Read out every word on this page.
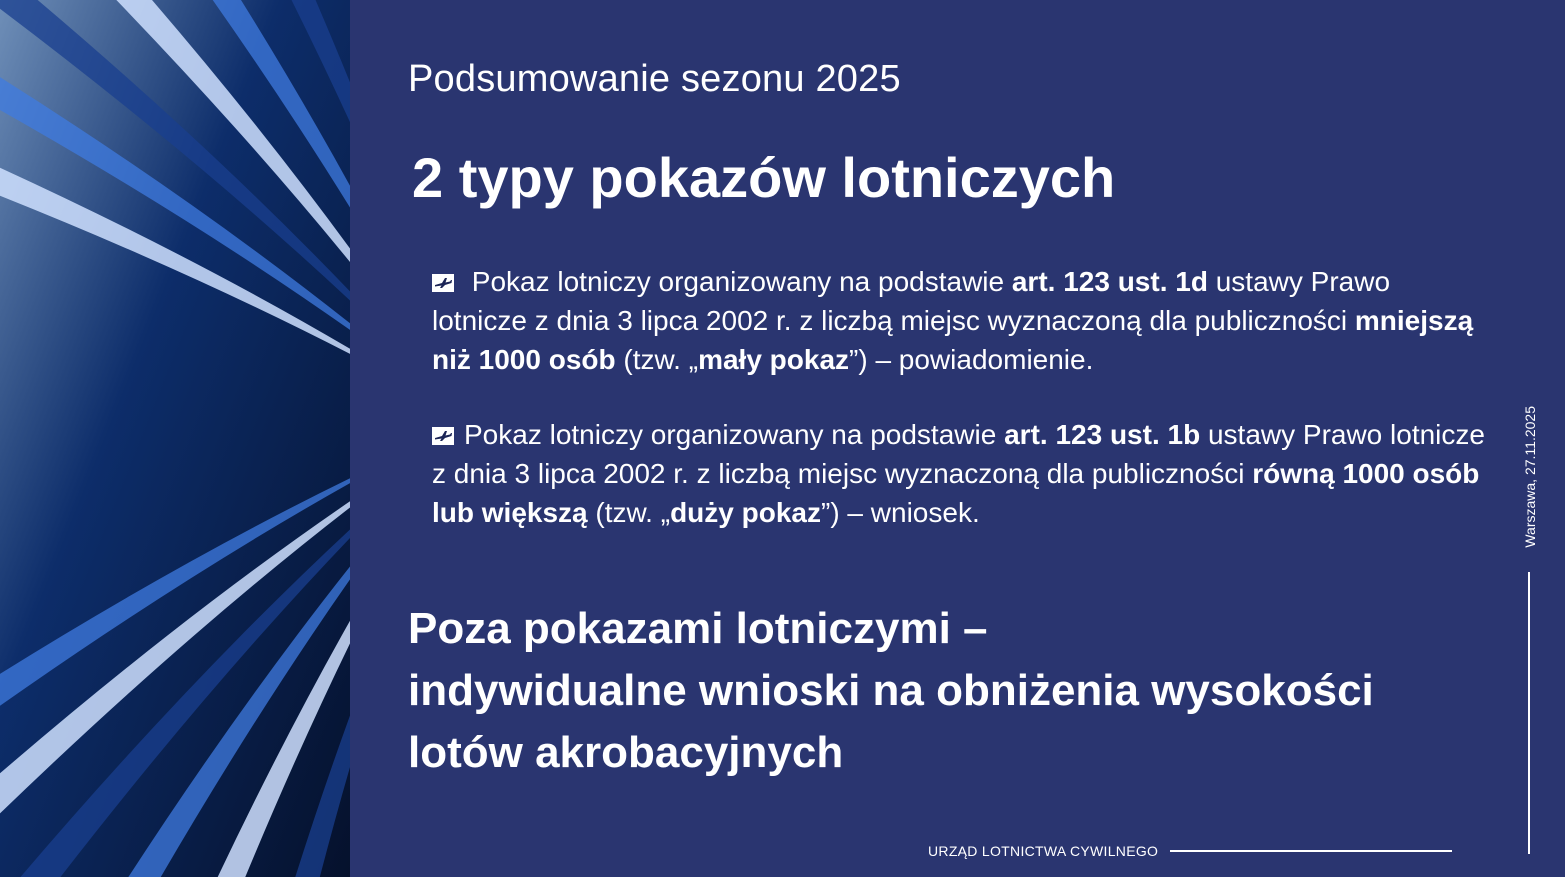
Podsumowanie sezonu 2025
2 typy pokazów lotniczych
Pokaz lotniczy organizowany na podstawie art. 123 ust. 1d ustawy Prawo lotnicze z dnia 3 lipca 2002 r. z liczbą miejsc wyznaczoną dla publiczności mniejszą niż 1000 osób (tzw. „mały pokaz”) – powiadomienie.
Pokaz lotniczy organizowany na podstawie art. 123 ust. 1b ustawy Prawo lotnicze z dnia 3 lipca 2002 r. z liczbą miejsc wyznaczoną dla publiczności równą 1000 osób lub większą (tzw. „duży pokaz”) – wniosek.
Poza pokazami lotniczymi –
indywidualne wnioski na obniżenia wysokości
lotów akrobacyjnych
Warszawa, 27.11.2025
URZĄD LOTNICTWA CYWILNEGO
